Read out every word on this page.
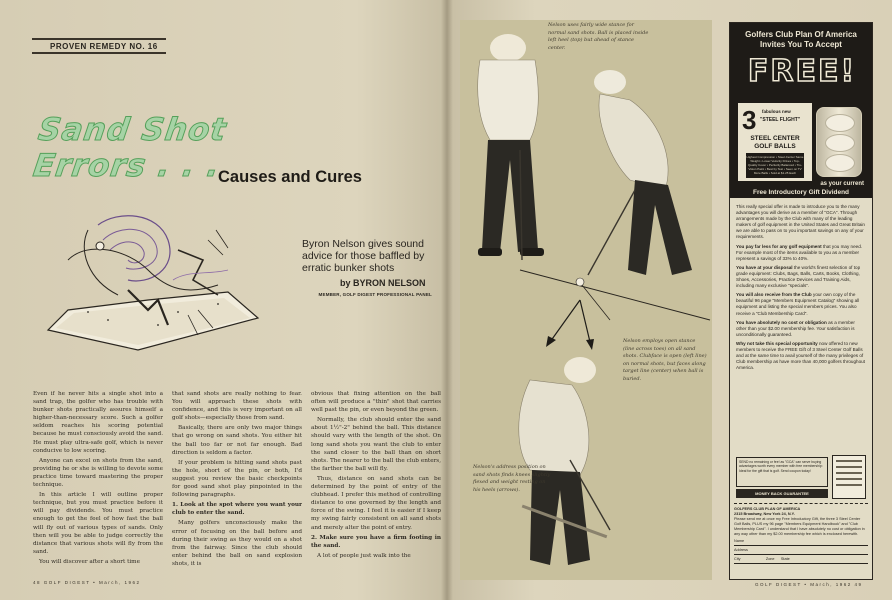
PROVEN REMEDY NO. 16
Sand Shot Errors . . .
Causes and Cures
Byron Nelson gives sound advice for those baffled by erratic bunker shots
by BYRON NELSON
MEMBER, GOLF DIGEST PROFESSIONAL PANEL

Even if he never hits a single shot into a sand trap, the golfer who has trouble with bunker shots practically assures himself a higher-than-necessary score. Such a golfer seldom reaches his scoring potential because he must consciously avoid the sand. He must play ultra-safe golf, which is never conducive to low scoring.

Anyone can excel on shots from the sand, providing he or she is willing to devote some practice time toward mastering the proper technique.

In this article I will outline proper technique, but you must practice before it will pay dividends. You must practice enough to get the feel of how fast the ball will fly out of various types of sands. Only then will you be able to judge correctly the distance that various shots will fly from the sand.

You will discover after a short time

that sand shots are really nothing to fear. You will approach these shots with confidence, and this is very important on all golf shots—especially those from sand.

Basically, there are only two major things that go wrong on sand shots. You either hit the ball too far or not far enough. Bad direction is seldom a factor.

If your problem is hitting sand shots past the hole, short of the pin, or both, I'd suggest you review the basic checkpoints for good sand shot play pinpointed in the following paragraphs.

1. Look at the spot where you want your club to enter the sand.

Many golfers unconsciously make the error of focusing on the ball before and during their swing as they would on a shot from the fairway. Since the club should enter behind the ball on sand explosion shots, it is

obvious that fixing attention on the ball often will produce a "thin" shot that carries well past the pin, or even beyond the green.

Normally, the club should enter the sand about 1½"-2" behind the ball. This distance should vary with the length of the shot. On long sand shots you want the club to enter the sand closer to the ball than on short shots. The nearer to the ball the club enters, the farther the ball will fly.

Thus, distance on sand shots can be determined by the point of entry of the clubhead. I prefer this method of controlling distance to one governed by the length and force of the swing. I feel it is easier if I keep my swing fairly consistent on all sand shots and merely alter the point of entry.

2. Make sure you have a firm footing in the sand.

A lot of people just walk into the

48 GOLF DIGEST • March, 1962
Nelson uses fairly wide stance for normal sand shots. Ball is placed inside left heel (top) but ahead of stance center.
Nelson employs open stance (line across toes) on all sand shots. Clubface is open (left line) on normal shots, but faces along target line (center) when ball is buried.
Nelson's address position on sand shots finds knees slightly flexed and weight resting on his heels (arrows).
Golfers Club Plan Of America
Invites You To Accept
FREE!
3 fabulous new
"STEEL FLIGHT"
STEEL CENTER GOLF BALLS
Highest Compression • Steel-Center Same Weight • Lower Velocity Drives • Top-Quality Cover • Perfectly Balanced • Tru-Vision Paint • Best by Test • Seen on TV More Balls • Sold at $1.25 Each
as your current
Free Introductory Gift Dividend

This really special offer is made to introduce you to the many advantages you will derive as a member of "GCA". Through arrangements made by the Club with many of the leading makers of golf equipment in the United States and Great Britain we are able to pass on to you important savings on any of your requirements.

You pay far less for any golf equipment that you may need. For example most of the items available to you as a member represent a savings of 33% to 40%.

You have at your disposal the world's finest selection of top grade equipment: Clubs, Bags, Balls, Carts, Books, Clothing, Shoes, Accessories, Practice Devices and Training Aids, including many exclusive "specials".

You will also receive from the Club your own copy of the beautiful 96 page "Members Equipment Catalog" showing all equipment and listing the special members prices. You also receive a "Club Membership Card".

You have absolutely no cost or obligation as a member other than your $2.00 membership fee. Your satisfaction is unconditionally guaranteed.

Why not take this special opportunity now offered to new members to receive the FREE Gift of 3 Steel Center Golf Balls and at the same time to avail yourself of the many privileges of Club membership as have more than 40,000 golfers throughout America.

SEND no remaining or fee! as "GCA" can serve buying advantages worth every member with free membership: Ideal for the gift that is golf. Send coupon today!
MONEY BACK GUARANTEE
GOLFERS CLUB PLAN OF AMERICA
2315 Broadway, New York 24, N.Y.
Please send me at once my Free Introductory Gift, the three 3 Steel Center Golf Balls, PLUS my 96 page "Members Equipment Handbook" and "Club Membership Card". I understand that I have absolutely no cost or obligation in any way other than my $2.00 membership fee which is enclosed herewith.
Name
Address
City	Zone State
GOLF DIGEST • March, 1962 49
